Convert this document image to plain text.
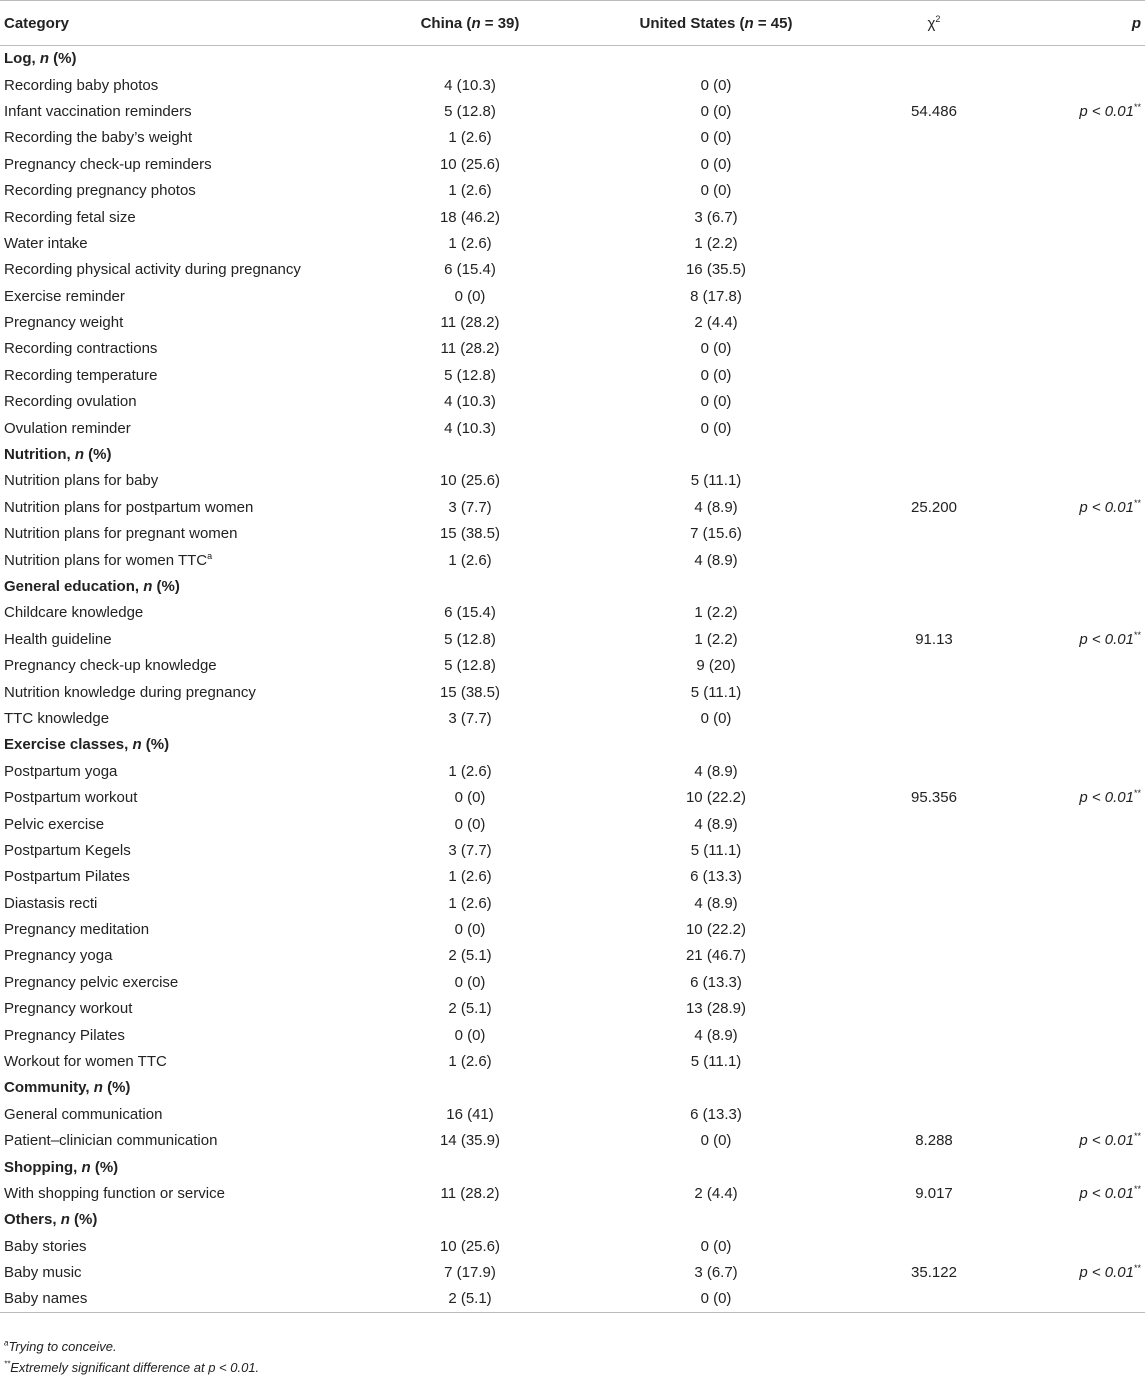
Category	China (n = 39)	United States (n = 45)	$\chi^2$	p
Log, n (%)				
Recording baby photos	4 (10.3)	0 (0)		
Infant vaccination reminders	5 (12.8)	0 (0)	54.486	p < 0.01**
Recording the baby’s weight	1 (2.6)	0 (0)		
Pregnancy check-up reminders	10 (25.6)	0 (0)		
Recording pregnancy photos	1 (2.6)	0 (0)		
Recording fetal size	18 (46.2)	3 (6.7)		
Water intake	1 (2.6)	1 (2.2)		
Recording physical activity during pregnancy	6 (15.4)	16 (35.5)		
Exercise reminder	0 (0)	8 (17.8)		
Pregnancy weight	11 (28.2)	2 (4.4)		
Recording contractions	11 (28.2)	0 (0)		
Recording temperature	5 (12.8)	0 (0)		
Recording ovulation	4 (10.3)	0 (0)		
Ovulation reminder	4 (10.3)	0 (0)		
Nutrition, n (%)				
Nutrition plans for baby	10 (25.6)	5 (11.1)		
Nutrition plans for postpartum women	3 (7.7)	4 (8.9)	25.200	p < 0.01**
Nutrition plans for pregnant women	15 (38.5)	7 (15.6)		
Nutrition plans for women TTC$^a$	1 (2.6)	4 (8.9)		
General education, n (%)				
Childcare knowledge	6 (15.4)	1 (2.2)		
Health guideline	5 (12.8)	1 (2.2)	91.13	p < 0.01**
Pregnancy check-up knowledge	5 (12.8)	9 (20)		
Nutrition knowledge during pregnancy	15 (38.5)	5 (11.1)		
TTC knowledge	3 (7.7)	0 (0)		
Exercise classes, n (%)				
Postpartum yoga	1 (2.6)	4 (8.9)		
Postpartum workout	0 (0)	10 (22.2)	95.356	p < 0.01**
Pelvic exercise	0 (0)	4 (8.9)		
Postpartum Kegels	3 (7.7)	5 (11.1)		
Postpartum Pilates	1 (2.6)	6 (13.3)		
Diastasis recti	1 (2.6)	4 (8.9)		
Pregnancy meditation	0 (0)	10 (22.2)		
Pregnancy yoga	2 (5.1)	21 (46.7)		
Pregnancy pelvic exercise	0 (0)	6 (13.3)		
Pregnancy workout	2 (5.1)	13 (28.9)		
Pregnancy Pilates	0 (0)	4 (8.9)		
Workout for women TTC	1 (2.6)	5 (11.1)		
Community, n (%)				
General communication	16 (41)	6 (13.3)		
Patient–clinician communication	14 (35.9)	0 (0)	8.288	p < 0.01**
Shopping, n (%)				
With shopping function or service	11 (28.2)	2 (4.4)	9.017	p < 0.01**
Others, n (%)				
Baby stories	10 (25.6)	0 (0)		
Baby music	7 (17.9)	3 (6.7)	35.122	p < 0.01**
Baby names	2 (5.1)	0 (0)		
$^a$Trying to conceive.
**Extremely significant difference at p < 0.01.
